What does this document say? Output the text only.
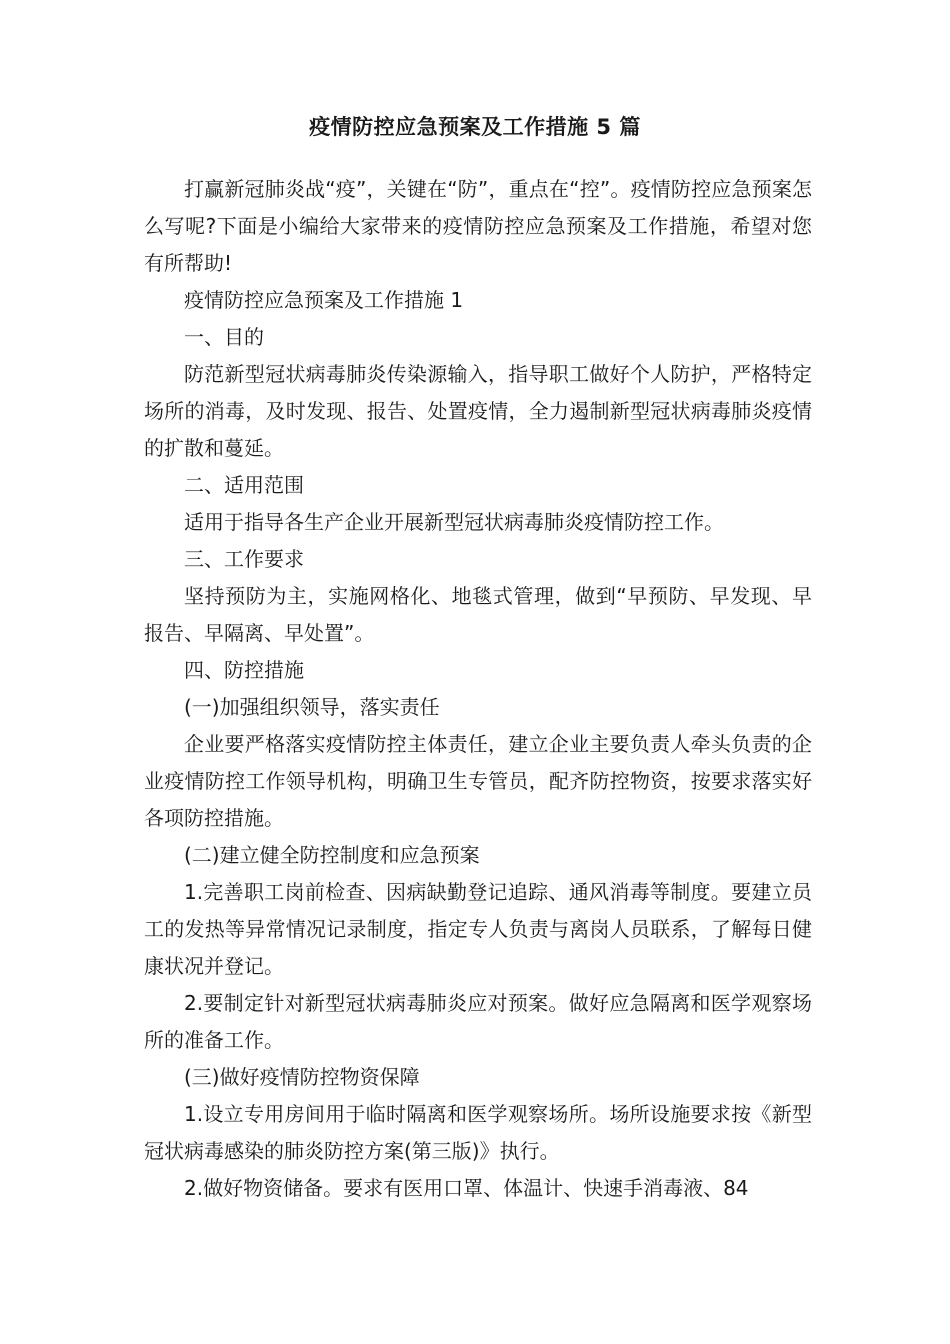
疫情防控应急预案及工作措施 5 篇

打赢新冠肺炎战“疫”，关键在“防”，重点在“控”。疫情防控应急预案怎么写呢?下面是小编给大家带来的疫情防控应急预案及工作措施，希望对您有所帮助!

疫情防控应急预案及工作措施 1

一、目的

防范新型冠状病毒肺炎传染源输入，指导职工做好个人防护，严格特定场所的消毒，及时发现、报告、处置疫情，全力遏制新型冠状病毒肺炎疫情的扩散和蔓延。

二、适用范围

适用于指导各生产企业开展新型冠状病毒肺炎疫情防控工作。

三、工作要求

坚持预防为主，实施网格化、地毯式管理，做到“早预防、早发现、早报告、早隔离、早处置”。

四、防控措施

(一)加强组织领导，落实责任

企业要严格落实疫情防控主体责任，建立企业主要负责人牵头负责的企业疫情防控工作领导机构，明确卫生专管员，配齐防控物资，按要求落实好各项防控措施。

(二)建立健全防控制度和应急预案

1.完善职工岗前检查、因病缺勤登记追踪、通风消毒等制度。要建立员工的发热等异常情况记录制度，指定专人负责与离岗人员联系，了解每日健康状况并登记。

2.要制定针对新型冠状病毒肺炎应对预案。做好应急隔离和医学观察场所的准备工作。

(三)做好疫情防控物资保障

1.设立专用房间用于临时隔离和医学观察场所。场所设施要求按《新型冠状病毒感染的肺炎防控方案(第三版)》执行。

2.做好物资储备。要求有医用口罩、体温计、快速手消毒液、84
